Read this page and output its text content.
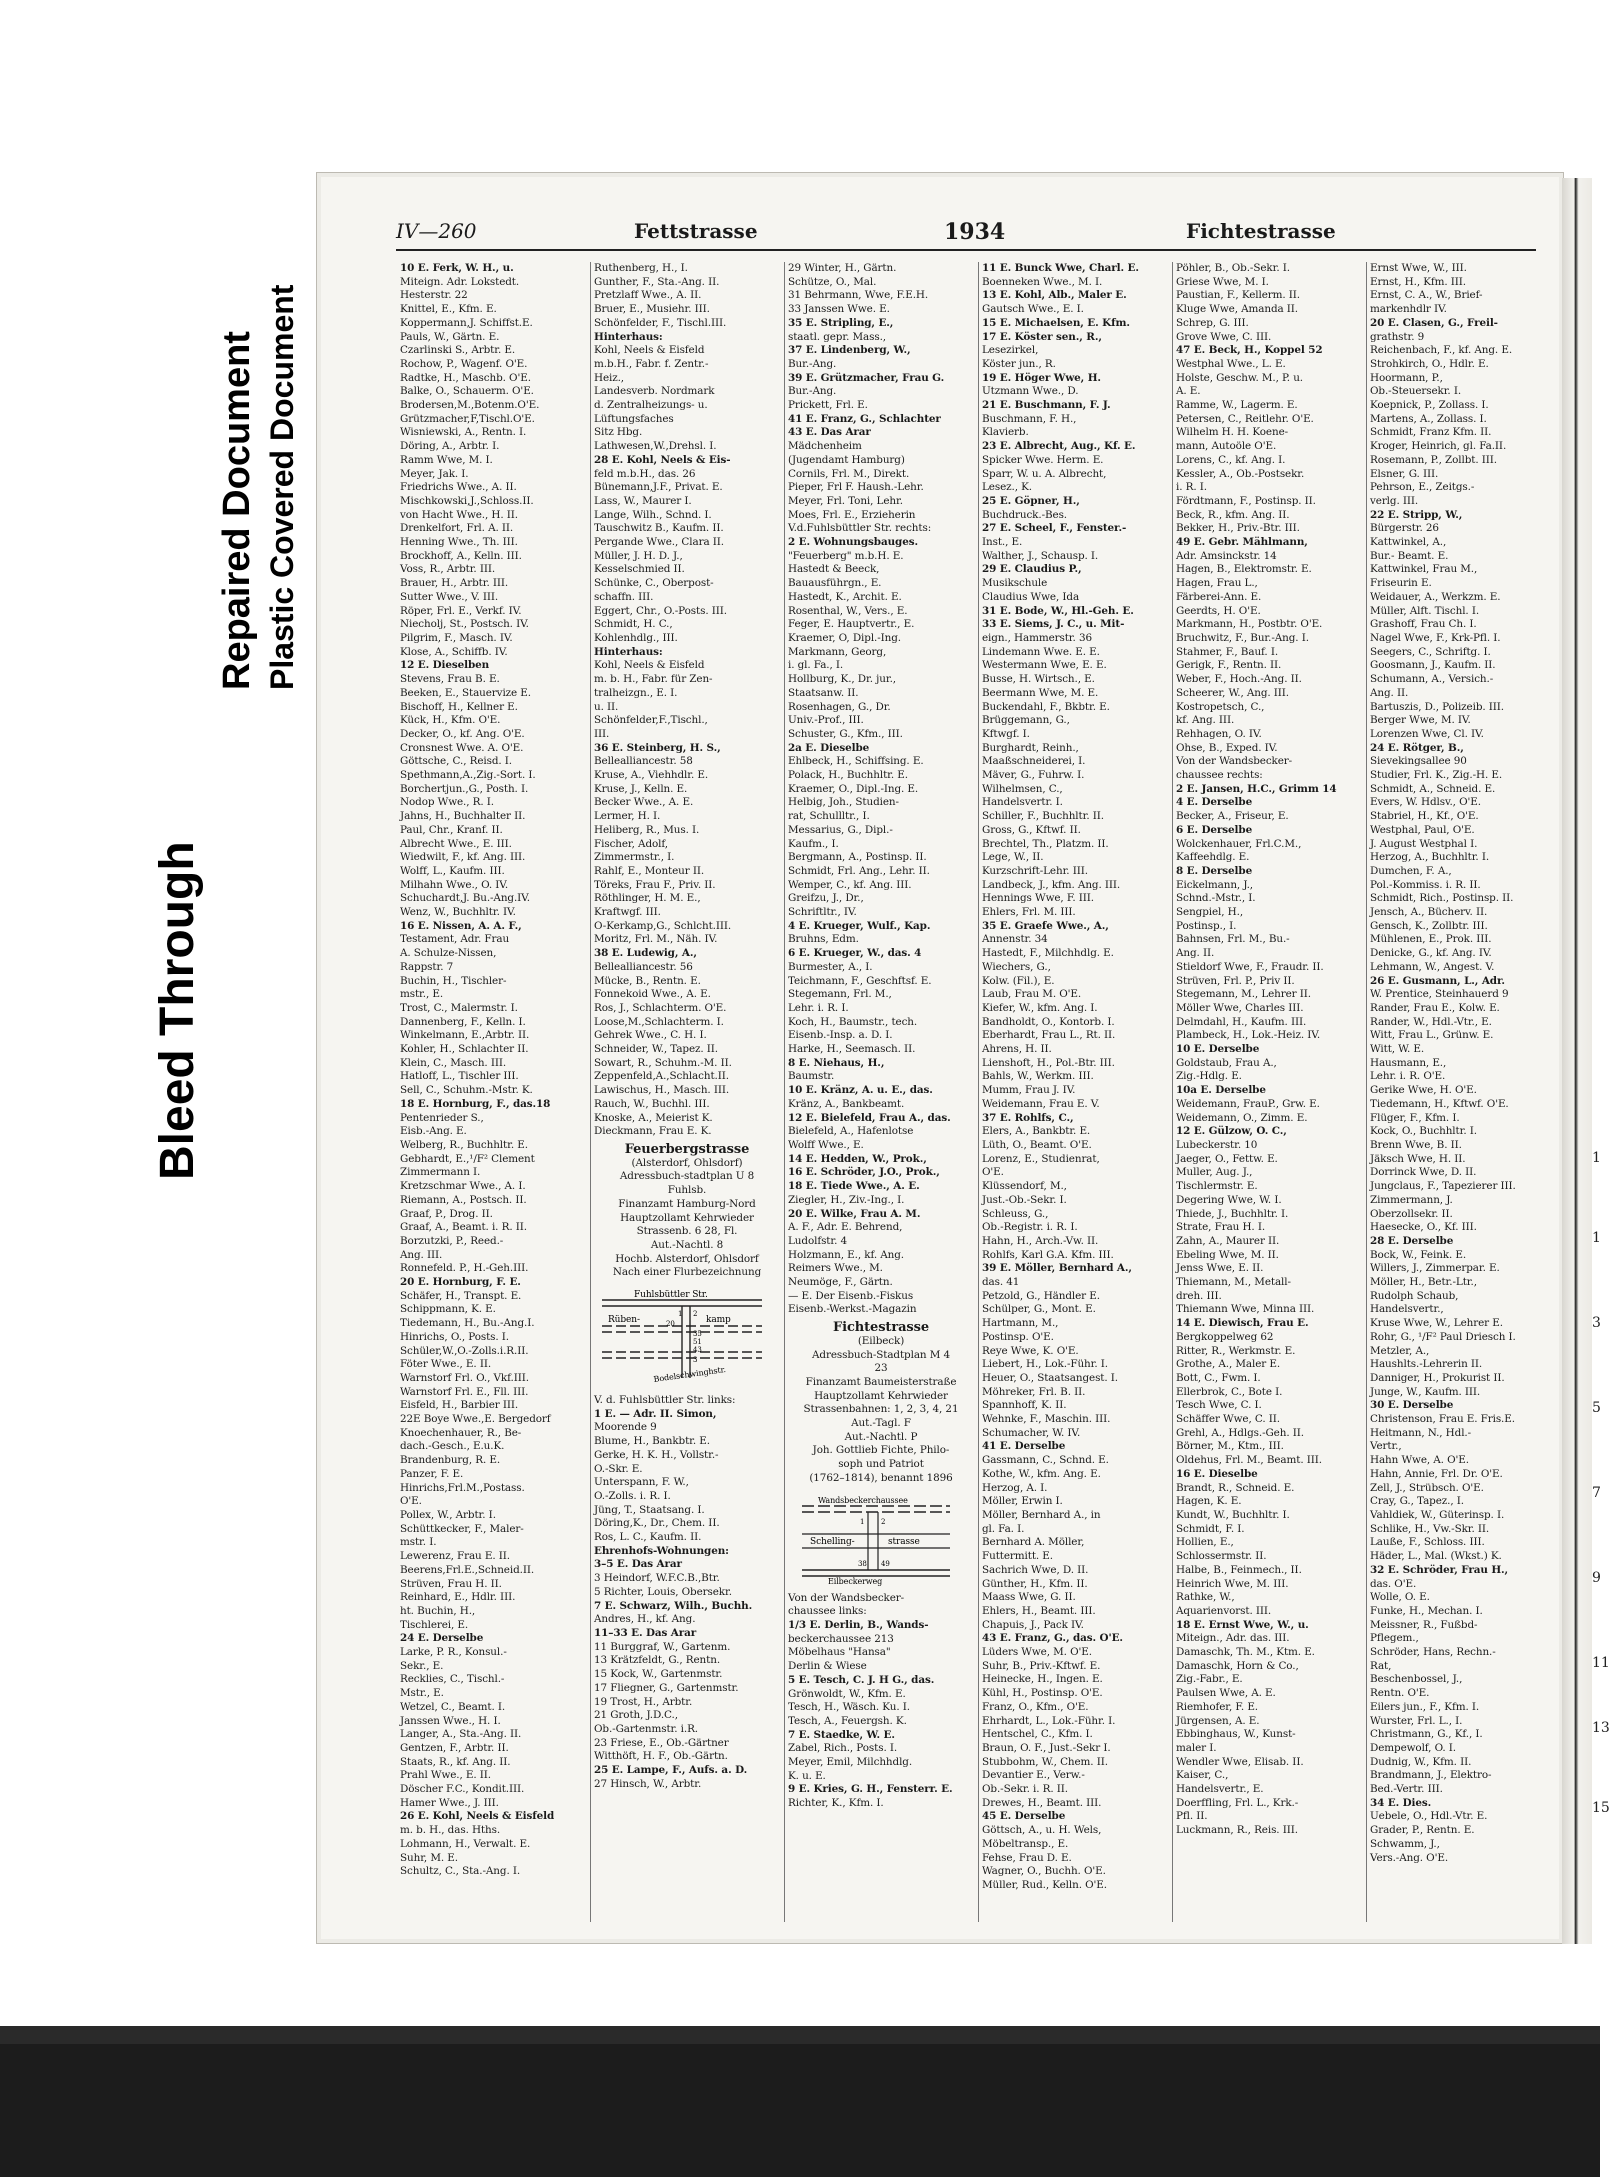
Bleed Through
Repaired Document Plastic Covered Document
1
1
3
5
7
9
11
13
15
IV—260	Fettstrasse	1934	Fichtestrasse
10 E. Ferk, W. H., u.
Miteign. Adr. Lokstedt.
Hesterstr. 22
Knittel, E., Kfm. E.
Koppermann,J. Schiffst.E.
Pauls, W., Gärtn. E.
Czarlinski S., Arbtr. E.
Rochow, P., Wagenf. O'E.
Radtke, H., Maschb. O'E.
Balke, O., Schauerm. O'E.
Brodersen,M.,Botenm.O'E.
Grützmacher,F,Tischl.O'E.
Wisniewski, A., Rentn. I.
Döring, A., Arbtr. I.
Ramm Wwe, M. I.
Meyer, Jak. I.
Friedrichs Wwe., A. II.
Mischkowski,J.,Schloss.II.
von Hacht Wwe., H. II.
Drenkelfort, Frl. A. II.
Henning Wwe., Th. III.
Brockhoff, A., Kelln. III.
Voss, R., Arbtr. III.
Brauer, H., Arbtr. III.
Sutter Wwe., V. III.
Röper, Frl. E., Verkf. IV.
Niecholj, St., Postsch. IV.
Pilgrim, F., Masch. IV.
Klose, A., Schiffb. IV.
12 E. Dieselben
Stevens, Frau B. E.
Beeken, E., Stauervize E.
Bischoff, H., Kellner E.
Kück, H., Kfm. O'E.
Decker, O., kf. Ang. O'E.
Cronsnest Wwe. A. O'E.
Göttsche, C., Reisd. I.
Spethmann,A.,Zig.-Sort. I.
Borchertjun.,G., Posth. I.
Nodop Wwe., R. I.
Jahns, H., Buchhalter II.
Paul, Chr., Kranf. II.
Albrecht Wwe., E. III.
Wiedwilt, F., kf. Ang. III.
Wolff, L., Kaufm. III.
Milhahn Wwe., O. IV.
Schuchardt,J. Bu.-Ang.IV.
Wenz, W., Buchhltr. IV.
16 E. Nissen, A. A. F.,
Testament, Adr. Frau
A. Schulze-Nissen,
Rappstr. 7
Buchin, H., Tischler-
mstr., E.
Trost, C., Malermstr. I.
Dannenberg, F., Kelln. I.
Winkelmann, E.,Arbtr. II.
Kohler, H., Schlachter II.
Klein, C., Masch. III.
Hatloff, L., Tischler III.
Sell, C., Schuhm.-Mstr. K.
18 E. Hornburg, F., das.18
Pentenrieder S.,
Eisb.-Ang. E.
Welberg, R., Buchhltr. E.
Gebhardt, E.,¹/F² Clement
Zimmermann I.
Kretzschmar Wwe., A. I.
Riemann, A., Postsch. II.
Graaf, P., Drog. II.
Graaf, A., Beamt. i. R. II.
Borzutzki, P., Reed.-
Ang. III.
Ronnefeld. P., H.-Geh.III.
20 E. Hornburg, F. E.
Schäfer, H., Transpt. E.
Schippmann, K. E.
Tiedemann, H., Bu.-Ang.I.
Hinrichs, O., Posts. I.
Schüler,W.,O.-Zolls.i.R.II.
Föter Wwe., E. II.
Warnstorf Frl. O., Vkf.III.
Warnstorf Frl. E., Fll. III.
Eisfeld, H., Barbier III.
22E Boye Wwe.,E. Bergedorf
Knoechenhauer, R., Be-
dach.-Gesch., E.u.K.
Brandenburg, R. E.
Panzer, F. E.
Hinrichs,Frl.M.,Postass.
O'E.
Pollex, W., Arbtr. I.
Schüttkecker, F., Maler-
mstr. I.
Lewerenz, Frau E. II.
Beerens,Frl.E.,Schneid.II.
Strüven, Frau H. II.
Reinhard, E., Hdlr. III.
ht. Buchin, H.,
Tischlerei, E.
24 E. Derselbe
Larke, P. R., Konsul.-
Sekr., E.
Recklies, C., Tischl.-
Mstr., E.
Wetzel, C., Beamt. I.
Janssen Wwe., H. I.
Langer, A., Sta.-Ang. II.
Gentzen, F., Arbtr. II.
Staats, R., kf. Ang. II.
Prahl Wwe., E. II.
Döscher F.C., Kondit.III.
Hamer Wwe., J. III.
26 E. Kohl, Neels & Eisfeld
m. b. H., das. Hths.
Lohmann, H., Verwalt. E.
Suhr, M. E.
Schultz, C., Sta.-Ang. I.
Ruthenberg, H., I.
Gunther, F., Sta.-Ang. II.
Pretzlaff Wwe., A. II.
Bruer, E., Musiehr. III.
Schönfelder, F., Tischl.III.
Hinterhaus:
Kohl, Neels & Eisfeld
m.b.H., Fabr. f. Zentr.-
Heiz.,
Landesverb. Nordmark
d. Zentralheizungs- u.
Lüftungsfaches
Sitz Hbg.
Lathwesen,W.,Drehsl. I.
28 E. Kohl, Neels & Eis-
feld m.b.H., das. 26
Bünemann,J.F., Privat. E.
Lass, W., Maurer I.
Lange, Wilh., Schnd. I.
Tauschwitz B., Kaufm. II.
Pergande Wwe., Clara II.
Müller, J. H. D. J.,
Kesselschmied II.
Schünke, C., Oberpost-
schaffn. III.
Eggert, Chr., O.-Posts. III.
Schmidt, H. C.,
Kohlenhdlg., III.
Hinterhaus:
Kohl, Neels & Eisfeld
m. b. H., Fabr. für Zen-
tralheizgn., E. I.
u. II.
Schönfelder,F.,Tischl.,
III.
36 E. Steinberg, H. S.,
Bellealliancestr. 58
Kruse, A., Viehhdlr. E.
Kruse, J., Kelln. E.
Becker Wwe., A. E.
Lermer, H. I.
Heliberg, R., Mus. I.
Fischer, Adolf,
Zimmermstr., I.
Rahlf, E., Monteur II.
Töreks, Frau F., Priv. II.
Röthlinger, H. M. E.,
Kraftwgf. III.
O-Kerkamp,G., Schlcht.III.
Moritz, Frl. M., Näh. IV.
38 E. Ludewig, A.,
Bellealliancestr. 56
Mücke, B., Rentn. E.
Fonnekoid Wwe., A. E.
Ros, J., Schlachterm. O'E.
Loose,M.,Schlachterm. I.
Gehrek Wwe., C. H. I.
Schneider, W., Tapez. II.
Sowart, R., Schuhm.-M. II.
Zeppenfeld,A.,Schlacht.II.
Lawischus, H., Masch. III.
Rauch, W., Buchhl. III.
Knoske, A., Meierist K.
Dieckmann, Frau E. K.
Feuerbergstrasse
(Alsterdorf, Ohlsdorf)
Adressbuch-stadtplan U 8
Fuhlsb.
Finanzamt Hamburg-Nord
Hauptzollamt Kehrwieder
Strassenb. 6 28, Fl.
Aut.-Nachtl. 8
Hochb. Alsterdorf, Ohlsdorf
Nach einer Flurbezeichnung
Fuhlsbüttler Str.
Rüben-	kamp
Bodelschwinghstr.
1 2
20
35
51
43
3
V. d. Fuhlsbüttler Str. links:
1 E. — Adr. II. Simon,
Moorende 9
Blume, H., Bankbtr. E.
Gerke, H. K. H., Vollstr.-
O.-Skr. E.
Unterspann, F. W.,
O.-Zolls. i. R. I.
Jüng, T., Staatsang. I.
Döring,K., Dr., Chem. II.
Ros, L. C., Kaufm. II.
Ehrenhofs-Wohnungen:
3–5 E. Das Arar
3 Heindorf, W.F.C.B.,Btr.
5 Richter, Louis, Obersekr.
7 E. Schwarz, Wilh., Buchh.
Andres, H., kf. Ang.
11–33 E. Das Arar
11 Burggraf, W., Gartenm.
13 Krätzfeldt, G., Rentn.
15 Kock, W., Gartenmstr.
17 Fliegner, G., Gartenmstr.
19 Trost, H., Arbtr.
21 Groth, J.D.C.,
Ob.-Gartenmstr. i.R.
23 Friese, E., Ob.-Gärtner
Witthöft, H. F., Ob.-Gärtn.
25 E. Lampe, F., Aufs. a. D.
27 Hinsch, W., Arbtr.
29 Winter, H., Gärtn.
Schütze, O., Mal.
31 Behrmann, Wwe, F.E.H.
33 Janssen Wwe. E.
35 E. Stripling, E.,
staatl. gepr. Mass.,
37 E. Lindenberg, W.,
Bur.-Ang.
39 E. Grützmacher, Frau G.
Bur.-Ang.
Prickett, Frl. E.
41 E. Franz, G., Schlachter
43 E. Das Arar
Mädchenheim
(Jugendamt Hamburg)
Cornils, Frl. M., Direkt.
Pieper, Frl F. Haush.-Lehr.
Meyer, Frl. Toni, Lehr.
Moes, Frl. E., Erzieherin
V.d.Fuhlsbüttler Str. rechts:
2 E. Wohnungsbauges.
"Feuerberg" m.b.H. E.
Hastedt & Beeck,
Bauausführgn., E.
Hastedt, K., Archit. E.
Rosenthal, W., Vers., E.
Feger, E. Hauptvertr., E.
Kraemer, O, Dipl.-Ing.
Markmann, Georg,
i. gl. Fa., I.
Hollburg, K., Dr. jur.,
Staatsanw. II.
Rosenhagen, G., Dr.
Univ.-Prof., III.
Schuster, G., Kfm., III.
2a E. Dieselbe
Ehlbeck, H., Schiffsing. E.
Polack, H., Buchhltr. E.
Kraemer, O., Dipl.-Ing. E.
Helbig, Joh., Studien-
rat, Schullltr., I.
Messarius, G., Dipl.-
Kaufm., I.
Bergmann, A., Postinsp. II.
Schmidt, Frl. Ang., Lehr. II.
Wemper, C., kf. Ang. III.
Greifzu, J., Dr.,
Schriftltr., IV.
4 E. Krueger, Wulf., Kap.
Bruhns, Edm.
6 E. Krueger, W., das. 4
Burmester, A., I.
Teichmann, F., Geschftsf. E.
Stegemann, Frl. M.,
Lehr. i. R. I.
Koch, H., Baumstr., tech.
Eisenb.-Insp. a. D. I.
Harke, H., Seemasch. II.
8 E. Niehaus, H.,
Baumstr.
10 E. Kränz, A. u. E., das.
Kränz, A., Bankbeamt.
12 E. Bielefeld, Frau A., das.
Bielefeld, A., Hafenlotse
Wolff Wwe., E.
14 E. Hedden, W., Prok.,
16 E. Schröder, J.O., Prok.,
18 E. Tiede Wwe., A. E.
Ziegler, H., Ziv.-Ing., I.
20 E. Wilke, Frau A. M.
A. F., Adr. E. Behrend,
Ludolfstr. 4
Holzmann, E., kf. Ang.
Reimers Wwe., M.
Neumöge, F., Gärtn.
— E. Der Eisenb.-Fiskus
Eisenb.-Werkst.-Magazin
Fichtestrasse
(Eilbeck)
Adressbuch-Stadtplan M 4
23
Finanzamt Baumeisterstraße
Hauptzollamt Kehrwieder
Strassenbahnen: 1, 2, 3, 4, 21
Aut.-Tagl. F
Aut.-Nachtl. P
Joh. Gottlieb Fichte, Philo-
soph und Patriot
(1762–1814), benannt 1896
Wandsbeckerchaussee
Schelling-	strasse
Eilbeckerweg
1 2
38 49
Von der Wandsbecker-
chaussee links:
1/3 E. Derlin, B., Wands-
beckerchaussee 213
Möbelhaus "Hansa"
Derlin & Wiese
5 E. Tesch, C. J. H G., das.
Grönwoldt, W., Kfm. E.
Tesch, H., Wäsch. Ku. I.
Tesch, A., Feuergsh. K.
7 E. Staedke, W. E.
Zabel, Rich., Posts. I.
Meyer, Emil, Milchhdlg.
K. u. E.
9 E. Kries, G. H., Fensterr. E.
Richter, K., Kfm. I.
11 E. Bunck Wwe, Charl. E.
Boenneken Wwe., M. I.
13 E. Kohl, Alb., Maler E.
Gautsch Wwe., E. I.
15 E. Michaelsen, E. Kfm.
17 E. Köster sen., R.,
Lesezirkel,
Köster jun., R.
19 E. Höger Wwe, H.
Utzmann Wwe., D.
21 E. Buschmann, F. J.
Buschmann, F. H.,
Klavierb.
23 E. Albrecht, Aug., Kf. E.
Spicker Wwe. Herm. E.
Sparr, W. u. A. Albrecht,
Lesez., K.
25 E. Göpner, H.,
Buchdruck.-Bes.
27 E. Scheel, F., Fenster.-
Inst., E.
Walther, J., Schausp. I.
29 E. Claudius P.,
Musikschule
Claudius Wwe, Ida
31 E. Bode, W., Hl.-Geh. E.
33 E. Siems, J. C., u. Mit-
eign., Hammerstr. 36
Lindemann Wwe. E. E.
Westermann Wwe, E. E.
Busse, H. Wirtsch., E.
Beermann Wwe, M. E.
Buckendahl, F., Bkbtr. E.
Brüggemann, G.,
Kftwgf. I.
Burghardt, Reinh.,
Maaßschneiderei, I.
Mäver, G., Fuhrw. I.
Wilhelmsen, C.,
Handelsvertr. I.
Schiller, F., Buchhltr. II.
Gross, G., Kftwf. II.
Brechtel, Th., Platzm. II.
Lege, W., II.
Kurzschrift-Lehr. III.
Landbeck, J., kfm. Ang. III.
Hennings Wwe, F. III.
Ehlers, Frl. M. III.
35 E. Graefe Wwe., A.,
Annenstr. 34
Hastedt, F., Milchhdlg. E.
Wiechers, G.,
Kolw. (Fil.), E.
Laub, Frau M. O'E.
Kiefer, W., kfm. Ang. I.
Bandholdt, O., Kontorb. I.
Eberhardt, Frau L., Rt. II.
Ahrens, H. II.
Lienshoft, H., Pol.-Btr. III.
Bahls, W., Werkm. III.
Mumm, Frau J. IV.
Weidemann, Frau E. V.
37 E. Rohlfs, C.,
Elers, A., Bankbtr. E.
Lüth, O., Beamt. O'E.
Lorenz, E., Studienrat,
O'E.
Klüssendorf, M.,
Just.-Ob.-Sekr. I.
Schleuss, G.,
Ob.-Registr. i. R. I.
Hahn, H., Arch.-Vw. II.
Rohlfs, Karl G.A. Kfm. III.
39 E. Möller, Bernhard A.,
das. 41
Petzold, G., Händler E.
Schülper, G., Mont. E.
Hartmann, M.,
Postinsp. O'E.
Reye Wwe, K. O'E.
Liebert, H., Lok.-Führ. I.
Heuer, O., Staatsangest. I.
Möhreker, Frl. B. II.
Spannhoff, K. II.
Wehnke, F., Maschin. III.
Schumacher, W. IV.
41 E. Derselbe
Gassmann, C., Schnd. E.
Kothe, W., kfm. Ang. E.
Herzog, A. I.
Möller, Erwin I.
Möller, Bernhard A., in
gl. Fa. I.
Bernhard A. Möller,
Futtermitt. E.
Sachrich Wwe, D. II.
Günther, H., Kfm. II.
Maass Wwe, G. II.
Ehlers, H., Beamt. III.
Chapuis, J., Pack IV.
43 E. Franz, G., das. O'E.
Lüders Wwe, M. O'E.
Suhr, B., Priv.-Kftwf. E.
Heinecke, H., Ingen. E.
Kühl, H., Postinsp. O'E.
Franz, O., Kfm., O'E.
Ehrhardt, L., Lok.-Führ. I.
Hentschel, C., Kfm. I.
Braun, O. F., Just.-Sekr I.
Stubbohm, W., Chem. II.
Devantier E., Verw.-
Ob.-Sekr. i. R. II.
Drewes, H., Beamt. III.
45 E. Derselbe
Göttsch, A., u. H. Wels,
Möbeltransp., E.
Fehse, Frau D. E.
Wagner, O., Buchh. O'E.
Müller, Rud., Kelln. O'E.
Pöhler, B., Ob.-Sekr. I.
Griese Wwe, M. I.
Paustian, F., Kellerm. II.
Kluge Wwe, Amanda II.
Schrep, G. III.
Grove Wwe, C. III.
47 E. Beck, H., Koppel 52
Westphal Wwe., L. E.
Holste, Geschw. M., P. u.
A. E.
Ramme, W., Lagerm. E.
Petersen, C., Reitlehr. O'E.
Wilhelm H. H. Koene-
mann, Autoöle O'E.
Lorens, C., kf. Ang. I.
Kessler, A., Ob.-Postsekr.
i. R. I.
Fördtmann, F., Postinsp. II.
Beck, R., kfm. Ang. II.
Bekker, H., Priv.-Btr. III.
49 E. Gebr. Mählmann,
Adr. Amsinckstr. 14
Hagen, B., Elektromstr. E.
Hagen, Frau L.,
Färberei-Ann. E.
Geerdts, H. O'E.
Markmann, H., Postbtr. O'E.
Bruchwitz, F., Bur.-Ang. I.
Stahmer, F., Bauf. I.
Gerigk, F., Rentn. II.
Weber, F., Hoch.-Ang. II.
Scheerer, W., Ang. III.
Kostropetsch, C.,
kf. Ang. III.
Rehhagen, O. IV.
Ohse, B., Exped. IV.
Von der Wandsbecker-
chaussee rechts:
2 E. Jansen, H.C., Grimm 14
4 E. Derselbe
Becker, A., Friseur, E.
6 E. Derselbe
Wolckenhauer, Frl.C.M.,
Kaffeehdlg. E.
8 E. Derselbe
Eickelmann, J.,
Schnd.-Mstr., I.
Sengpiel, H.,
Postinsp., I.
Bahnsen, Frl. M., Bu.-
Ang. II.
Stieldorf Wwe, F., Fraudr. II.
Strüven, Frl. P., Priv II.
Stegemann, M., Lehrer II.
Möller Wwe, Charles III.
Delmdahl, H., Kaufm. III.
Plambeck, H., Lok.-Heiz. IV.
10 E. Derselbe
Goldstaub, Frau A.,
Zig.-Hdlg. E.
10a E. Derselbe
Weidemann, FrauP., Grw. E.
Weidemann, O., Zimm. E.
12 E. Gülzow, O. C.,
Lubeckerstr. 10
Jaeger, O., Fettw. E.
Muller, Aug. J.,
Tischlermstr. E.
Degering Wwe, W. I.
Thiede, J., Buchhltr. I.
Strate, Frau H. I.
Zahn, A., Maurer II.
Ebeling Wwe, M. II.
Jenss Wwe, E. II.
Thiemann, M., Metall-
dreh. III.
Thiemann Wwe, Minna III.
14 E. Diewisch, Frau E.
Bergkoppelweg 62
Ritter, R., Werkmstr. E.
Grothe, A., Maler E.
Bott, C., Fwm. I.
Ellerbrok, C., Bote I.
Tesch Wwe, C. I.
Schäffer Wwe, C. II.
Grehl, A., Hdlgs.-Geh. II.
Börner, M., Ktm., III.
Oldehus, Frl. M., Beamt. III.
16 E. Dieselbe
Brandt, R., Schneid. E.
Hagen, K. E.
Kundt, W., Buchhltr. I.
Schmidt, F. I.
Hollien, E.,
Schlossermstr. II.
Halbe, B., Feinmech., II.
Heinrich Wwe, M. III.
Rathke, W.,
Aquarienvorst. III.
18 E. Ernst Wwe, W., u.
Miteign., Adr. das. III.
Damaschk, Th. M., Ktm. E.
Damaschk, Horn & Co.,
Zig.-Fabr., E.
Paulsen Wwe, A. E.
Riemhofer, F. E.
Jürgensen, A. E.
Ebbinghaus, W., Kunst-
maler I.
Wendler Wwe, Elisab. II.
Kaiser, C.,
Handelsvertr., E.
Doerffling, Frl. L., Krk.-
Pfl. II.
Luckmann, R., Reis. III.
Ernst Wwe, W., III.
Ernst, H., Kfm. III.
Ernst, C. A., W., Brief-
markenhdlr IV.
20 E. Clasen, G., Freil-
grathstr. 9
Reichenbach, F., kf. Ang. E.
Strohkirch, O., Hdlr. E.
Hoormann, P.,
Ob.-Steuersekr. I.
Koepnick, P., Zollass. I.
Martens, A., Zollass. I.
Schmidt, Franz Kfm. II.
Kroger, Heinrich, gl. Fa.II.
Rosemann, P., Zollbt. III.
Elsner, G. III.
Pehrson, E., Zeitgs.-
verlg. III.
22 E. Stripp, W.,
Bürgerstr. 26
Kattwinkel, A.,
Bur.- Beamt. E.
Kattwinkel, Frau M.,
Friseurin E.
Weidauer, A., Werkzm. E.
Müller, Alft. Tischl. I.
Grashoff, Frau Ch. I.
Nagel Wwe, F., Krk-Pfl. I.
Seegers, C., Schriftg. I.
Goosmann, J., Kaufm. II.
Schumann, A., Versich.-
Ang. II.
Bartuszis, D., Polizeib. III.
Berger Wwe, M. IV.
Lorenzen Wwe, Cl. IV.
24 E. Rötger, B.,
Sievekingsallee 90
Studier, Frl. K., Zig.-H. E.
Schmidt, A., Schneid. E.
Evers, W. Hdlsv., O'E.
Stabriel, H., Kf., O'E.
Westphal, Paul, O'E.
J. August Westphal I.
Herzog, A., Buchhltr. I.
Dumchen, F. A.,
Pol.-Kommiss. i. R. II.
Schmidt, Rich., Postinsp. II.
Jensch, A., Bücherv. II.
Gensch, K., Zollbtr. III.
Mühlenen, E., Prok. III.
Denicke, G., kf. Ang. IV.
Lehmann, W., Angest. V.
26 E. Gusmann, L., Adr.
W. Prentice, Steinhauerd 9
Rander, Frau E., Kolw. E.
Rander, W., Hdl.-Vtr., E.
Witt, Frau L., Grünw. E.
Witt, W. E.
Hausmann, E.,
Lehr. i. R. O'E.
Gerike Wwe, H. O'E.
Tiedemann, H., Kftwf. O'E.
Flüger, F., Kfm. I.
Kock, O., Buchhltr. I.
Brenn Wwe, B. II.
Jäksch Wwe, H. II.
Dorrinck Wwe, D. II.
Jungclaus, F., Tapezierer III.
Zimmermann, J.
Oberzollsekr. II.
Haesecke, O., Kf. III.
28 E. Derselbe
Bock, W., Feink. E.
Willers, J., Zimmerpar. E.
Möller, H., Betr.-Ltr.,
Rudolph Schaub,
Handelsvertr.,
Kruse Wwe, W., Lehrer E.
Rohr, G., ¹/F² Paul Driesch I.
Metzler, A.,
Haushlts.-Lehrerin II.
Danniger, H., Prokurist II.
Junge, W., Kaufm. III.
30 E. Derselbe
Christenson, Frau E. Fris.E.
Heitmann, N., Hdl.-
Vertr.,
Hahn Wwe, A. O'E.
Hahn, Annie, Frl. Dr. O'E.
Zell, J., Strübsch. O'E.
Cray, G., Tapez., I.
Vahldiek, W., Güterinsp. I.
Schlike, H., Vw.-Skr. II.
Lauße, F., Schloss. III.
Häder, L., Mal. (Wkst.) K.
32 E. Schröder, Frau H.,
das. O'E.
Wolle, O. E.
Funke, H., Mechan. I.
Meissner, R., Fußbd-
Pflegem.,
Schröder, Hans, Rechn.-
Rat,
Beschenbossel, J.,
Rentn. O'E.
Eilers jun., F., Kfm. I.
Wurster, Frl. L., I.
Christmann, G., Kf., I.
Dempewolf, O. I.
Dudnig, W., Kfm. II.
Brandmann, J., Elektro-
Bed.-Vertr. III.
34 E. Dies.
Uebele, O., Hdl.-Vtr. E.
Grader, P., Rentn. E.
Schwamm, J.,
Vers.-Ang. O'E.
